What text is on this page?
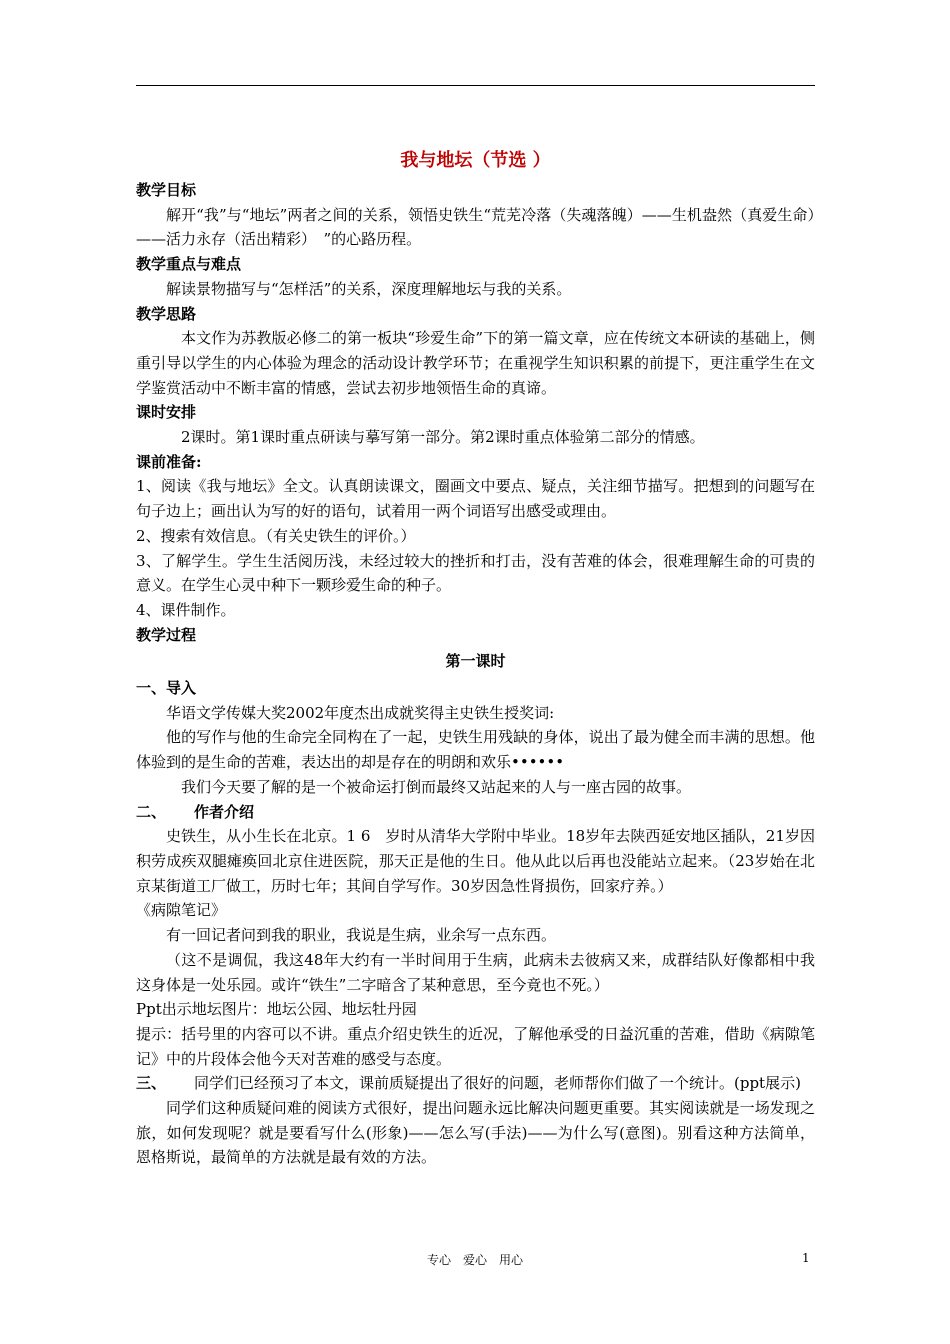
我与地坛（节选 ）
教学目标
解开“我”与“地坛”两者之间的关系，领悟史铁生“荒芜冷落（失魂落魄）——生机盎然（真爱生命）——活力永存（活出精彩）　”的心路历程。
教学重点与难点
解读景物描写与“怎样活”的关系，深度理解地坛与我的关系。
教学思路
本文作为苏教版必修二的第一板块“珍爱生命”下的第一篇文章，应在传统文本研读的基础上，侧重引导以学生的内心体验为理念的活动设计教学环节；在重视学生知识积累的前提下，更注重学生在文学鉴赏活动中不断丰富的情感，尝试去初步地领悟生命的真谛。
课时安排
2课时。第1课时重点研读与摹写第一部分。第2课时重点体验第二部分的情感。
课前准备:
1、阅读《我与地坛》全文。认真朗读课文，圈画文中要点、疑点，关注细节描写。把想到的问题写在句子边上；画出认为写的好的语句，试着用一两个词语写出感受或理由。
2、搜索有效信息。（有关史铁生的评价。）
3、了解学生。学生生活阅历浅，未经过较大的挫折和打击，没有苦难的体会，很难理解生命的可贵的意义。在学生心灵中种下一颗珍爱生命的种子。
4、课件制作。
教学过程
第一课时
一、导入
华语文学传媒大奖2002年度杰出成就奖得主史铁生授奖词:
他的写作与他的生命完全同构在了一起，史铁生用残缺的身体，说出了最为健全而丰满的思想。他体验到的是生命的苦难，表达出的却是存在的明朗和欢乐••••••
我们今天要了解的是一个被命运打倒而最终又站起来的人与一座古园的故事。
二、	作者介绍
史铁生，从小生长在北京。1 6　岁时从清华大学附中毕业。18岁年去陕西延安地区插队，21岁因积劳成疾双腿瘫痪回北京住进医院，那天正是他的生日。他从此以后再也没能站立起来。（23岁始在北京某街道工厂做工，历时七年；其间自学写作。30岁因急性肾损伤，回家疗养。）
《病隙笔记》
有一回记者问到我的职业，我说是生病，业余写一点东西。
（这不是调侃，我这48年大约有一半时间用于生病，此病未去彼病又来，成群结队好像都相中我这身体是一处乐园。或许“铁生”二字暗含了某种意思，至今竟也不死。）
Ppt出示地坛图片：地坛公园、地坛牡丹园
提示：括号里的内容可以不讲。重点介绍史铁生的近况，了解他承受的日益沉重的苦难，借助《病隙笔记》中的片段体会他今天对苦难的感受与态度。
三、	同学们已经预习了本文，课前质疑提出了很好的问题，老师帮你们做了一个统计。(ppt展示)
同学们这种质疑问难的阅读方式很好，提出问题永远比解决问题更重要。其实阅读就是一场发现之旅，如何发现呢？就是要看写什么(形象)——怎么写(手法)——为什么写(意图)。别看这种方法简单，恩格斯说，最简单的方法就是最有效的方法。
专心　爱心　用心	1
